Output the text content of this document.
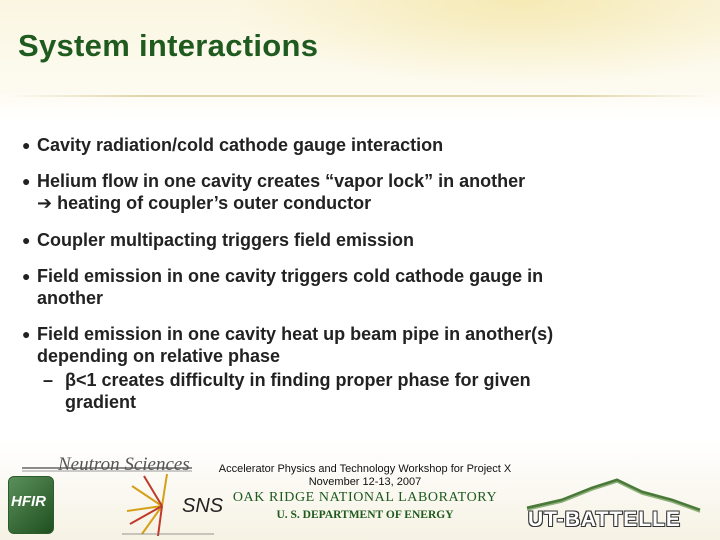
System interactions
● Cavity radiation/cold cathode gauge interaction
● Helium flow in one cavity creates “vapor lock” in another
➔ heating of coupler’s outer conductor
● Coupler multipacting triggers field emission
● Field emission in one cavity triggers cold cathode gauge in
another
● Field emission in one cavity heat up beam pipe in another(s)
depending on relative phase
– β<1 creates difficulty in finding proper phase for given
gradient
Neutron Sciences
HFIR	SNS
Accelerator Physics and Technology Workshop for Project X
November 12-13, 2007
OAK RIDGE NATIONAL LABORATORY
U. S. DEPARTMENT OF ENERGY	UT-BATTELLE
